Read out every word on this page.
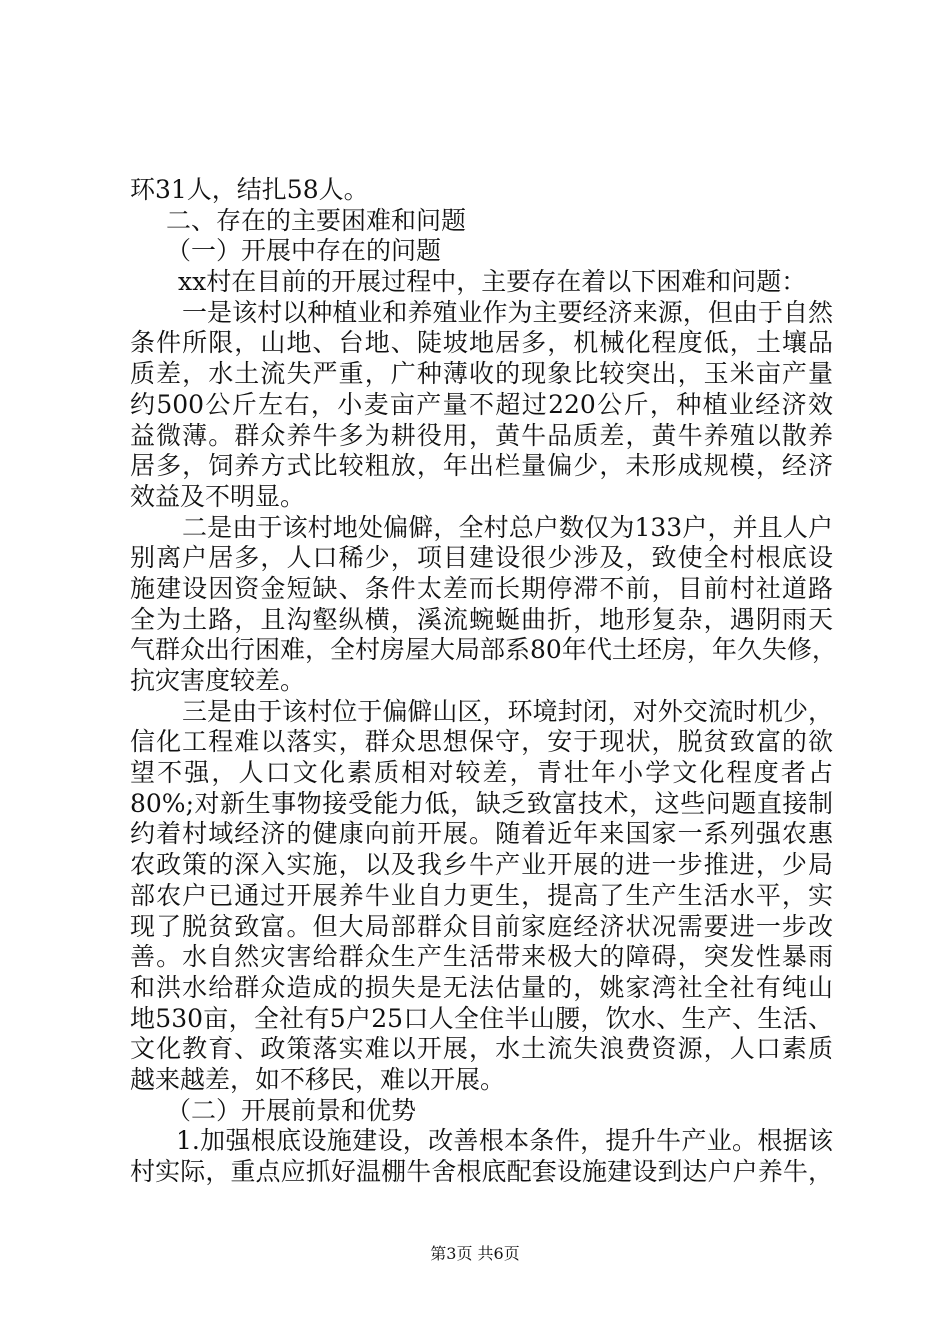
环31人，结扎58人。
二、存在的主要困难和问题
（一）开展中存在的问题
xx村在目前的开展过程中，主要存在着以下困难和问题：
一是该村以种植业和养殖业作为主要经济来源，但由于自然
条件所限，山地、台地、陡坡地居多，机械化程度低，土壤品
质差，水土流失严重，广种薄收的现象比较突出，玉米亩产量
约500公斤左右，小麦亩产量不超过220公斤，种植业经济效
益微薄。群众养牛多为耕役用，黄牛品质差，黄牛养殖以散养
居多，饲养方式比较粗放，年出栏量偏少，未形成规模，经济
效益及不明显。
二是由于该村地处偏僻，全村总户数仅为133户，并且人户
别离户居多，人口稀少，项目建设很少涉及，致使全村根底设
施建设因资金短缺、条件太差而长期停滞不前，目前村社道路
全为土路，且沟壑纵横，溪流蜿蜒曲折，地形复杂，遇阴雨天
气群众出行困难，全村房屋大局部系80年代土坯房，年久失修，
抗灾害度较差。
三是由于该村位于偏僻山区，环境封闭，对外交流时机少，
信化工程难以落实，群众思想保守，安于现状，脱贫致富的欲
望不强，人口文化素质相对较差，青壮年小学文化程度者占
80%;对新生事物接受能力低，缺乏致富技术，这些问题直接制
约着村域经济的健康向前开展。随着近年来国家一系列强农惠
农政策的深入实施，以及我乡牛产业开展的进一步推进，少局
部农户已通过开展养牛业自力更生，提高了生产生活水平，实
现了脱贫致富。但大局部群众目前家庭经济状况需要进一步改
善。水自然灾害给群众生产生活带来极大的障碍，突发性暴雨
和洪水给群众造成的损失是无法估量的，姚家湾社全社有纯山
地530亩，全社有5户25口人全住半山腰，饮水、生产、生活、
文化教育、政策落实难以开展，水土流失浪费资源，人口素质
越来越差，如不移民，难以开展。
（二）开展前景和优势
1.加强根底设施建设，改善根本条件，提升牛产业。根据该
村实际，重点应抓好温棚牛舍根底配套设施建设到达户户养牛，
第3页 共6页
